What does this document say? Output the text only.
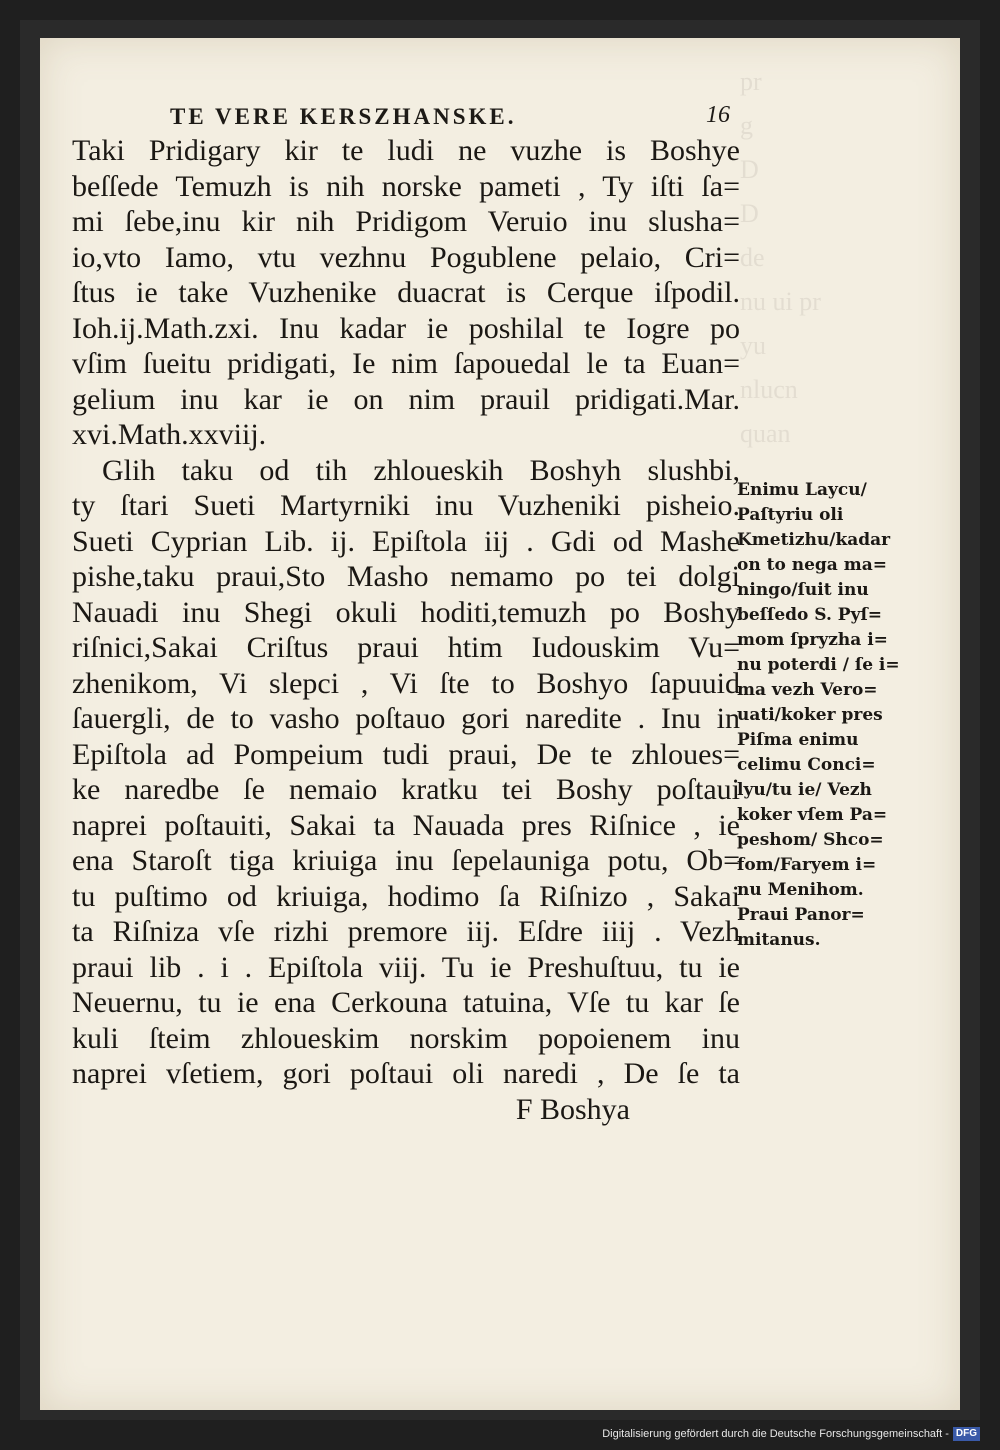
TE VERE KERSZHANSKE.	16
Taki Pridigary kir te ludi ne vuzhe is Boshye
beſſede Temuzh is nih norske pameti , Ty iſti ſa=
mi ſebe,inu kir nih Pridigom Veruio inu slusha=
io,vto Iamo, vtu vezhnu Pogublene pelaio, Cri=
ſtus ie take Vuzhenike duacrat is Cerque iſpodil.
Ioh.ij.Math.zxi. Inu kadar ie poshilal te Iogre po
vſim ſueitu pridigati, Ie nim ſapouedal le ta Euan=
gelium inu kar ie on nim prauil pridigati.Mar.
xvi.Math.xxviij.
Glih taku od tih zhloueskih Boshyh slushbi,
ty ſtari Sueti Martyrniki inu Vuzheniki pisheio.
Sueti Cyprian Lib. ij. Epiſtola iij . Gdi od Mashe
pishe,taku praui,Sto Masho nemamo po tei dolgi
Nauadi inu Shegi okuli hoditi,temuzh po Boshy
riſnici,Sakai Criſtus praui htim Iudouskim Vu=
zhenikom, Vi slepci , Vi ſte to Boshyo ſapuuid
ſauergli, de to vasho poſtauo gori naredite . Inu in
Epiſtola ad Pompeium tudi praui, De te zhloues=
ke naredbe ſe nemaio kratku tei Boshy poſtaui
naprei poſtauiti, Sakai ta Nauada pres Riſnice , ie
ena Staroſt tiga kriuiga inu ſepelauniga potu, Ob=
tu puſtimo od kriuiga, hodimo ſa Riſnizo , Sakai
ta Riſniza vſe rizhi premore iij. Eſdre iiij . Vezh
praui lib . i . Epiſtola viij. Tu ie Preshuſtuu, tu ie
Neuernu, tu ie ena Cerkouna tatuina, Vſe tu kar ſe
kuli ſteim zhloueskim norskim popoienem inu
naprei vſetiem, gori poſtaui oli naredi , De ſe ta
F Boshya
Enimu Laycu/
Paſtyriu oli
Kmetizhu/kadar
on to nega ma=
ningo/ſuit inu
beſſedo S. Pyſ=
mom ſpryzha i=
nu poterdi / ſe i=
ma vezh Vero=
uati/koker pres
Piſma enimu
celimu Conci=
lyu/tu ie/ Vezh
koker vſem Pa=
peshom/ Shco=
fom/Faryem i=
nu Menihom.
Praui Panor=
mitanus.
pr
g
D
D
de
nu ui pr
yu
nlucn
quan
Digitalisierung gefördert durch die Deutsche Forschungsgemeinschaft - DFG
